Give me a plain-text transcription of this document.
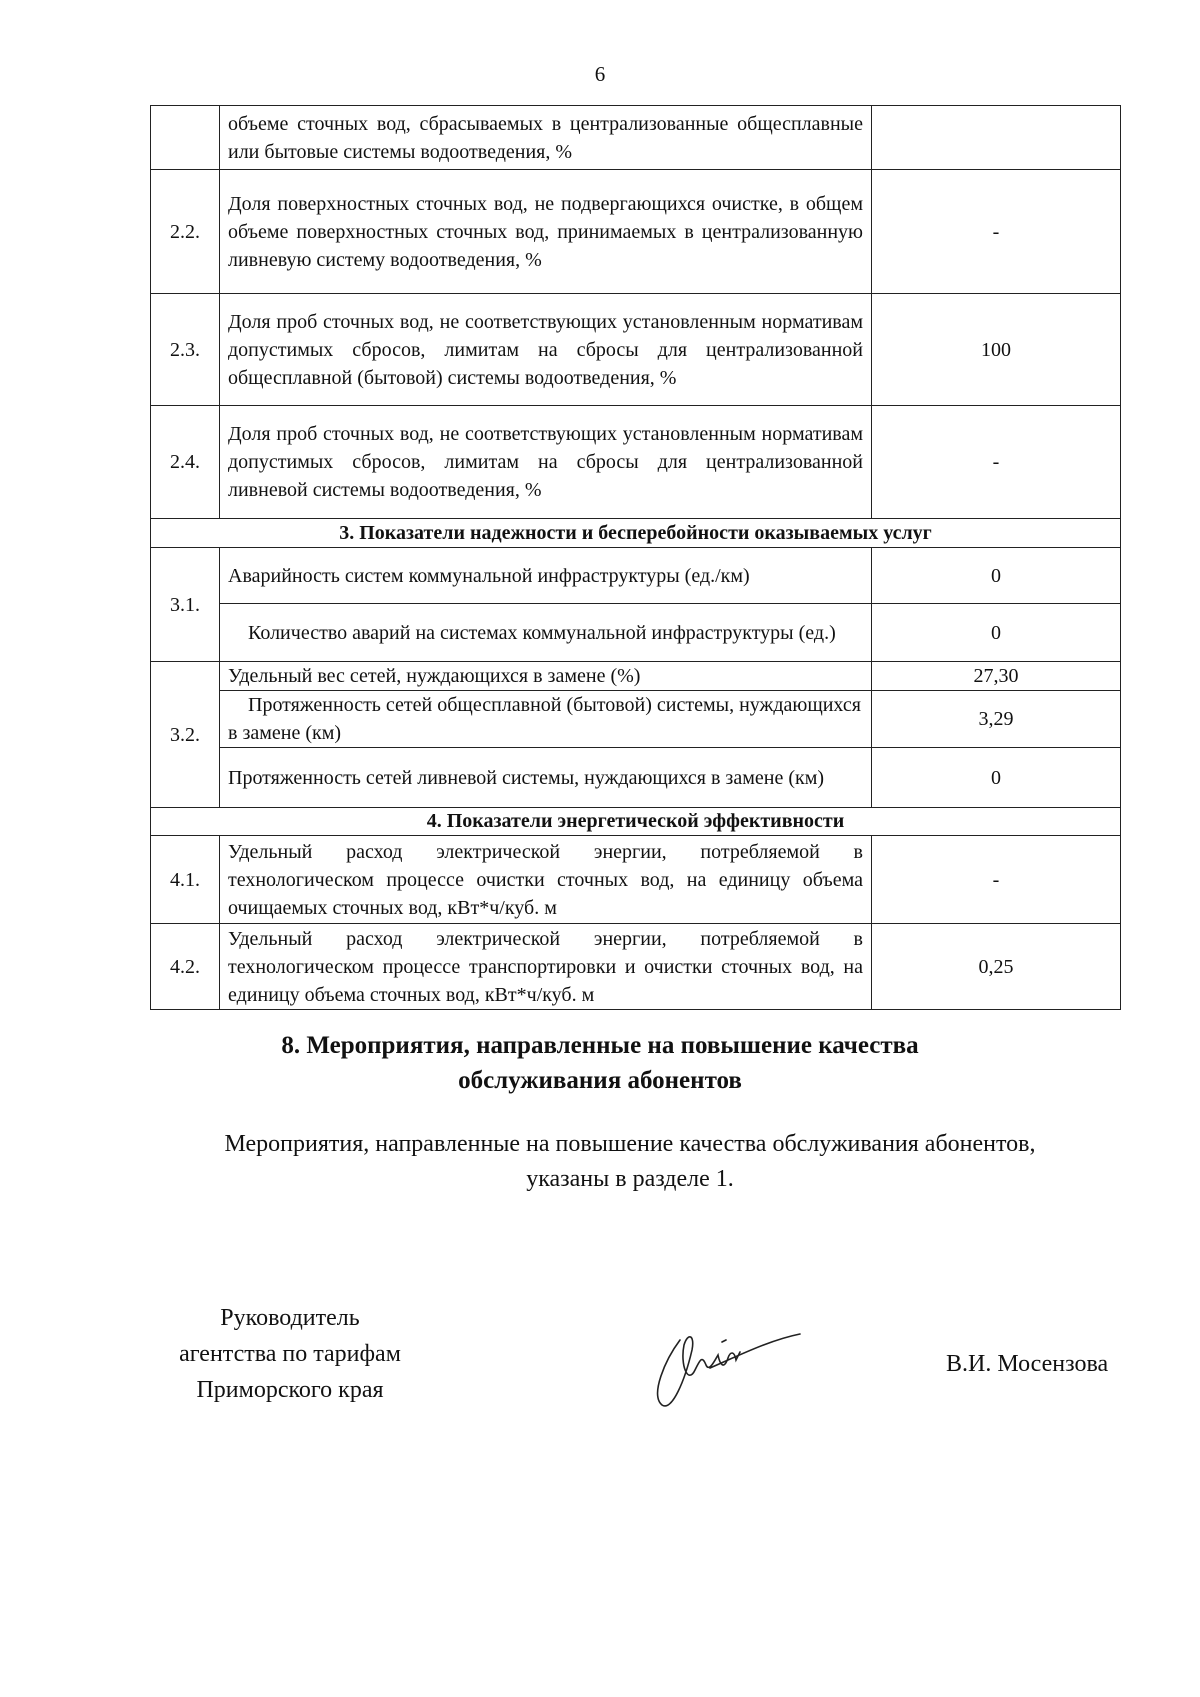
6
	объеме сточных вод, сбрасываемых в централизованные общесплавные или бытовые системы водоотведения, %	
2.2.	Доля поверхностных сточных вод, не подвергающихся очистке, в общем объеме поверхностных сточных вод, принимаемых в централизованную ливневую систему водоотведения, %	-
2.3.	Доля проб сточных вод, не соответствующих установленным нормативам допустимых сбросов, лимитам на сбросы для централизованной общесплавной (бытовой) системы водоотведения, %	100
2.4.	Доля проб сточных вод, не соответствующих установленным нормативам допустимых сбросов, лимитам на сбросы для централизованной ливневой системы водоотведения, %	-
3. Показатели надежности и бесперебойности оказываемых услуг		
3.1.	Аварийность систем коммунальной инфраструктуры (ед./км)	0
	Количество аварий на системах коммунальной инфраструктуры (ед.)	0
3.2.	Удельный вес сетей, нуждающихся в замене (%)	27,30
	Протяженность сетей общесплавной (бытовой) системы, нуждающихся в замене (км)	3,29
	Протяженность сетей ливневой системы, нуждающихся в замене (км)	0
4. Показатели энергетической эффективности		
4.1.	Удельный расход электрической энергии, потребляемой в технологическом процессе очистки сточных вод, на единицу объема очищаемых сточных вод, кВт*ч/куб. м	-
4.2.	Удельный расход электрической энергии, потребляемой в технологическом процессе транспортировки и очистки сточных вод, на единицу объема сточных вод, кВт*ч/куб. м	0,25
8. Мероприятия, направленные на повышение качества обслуживания абонентов
Мероприятия, направленные на повышение качества обслуживания абонентов, указаны в разделе 1.
Руководитель
агентства по тарифам
Приморского края
В.И. Мосензова
